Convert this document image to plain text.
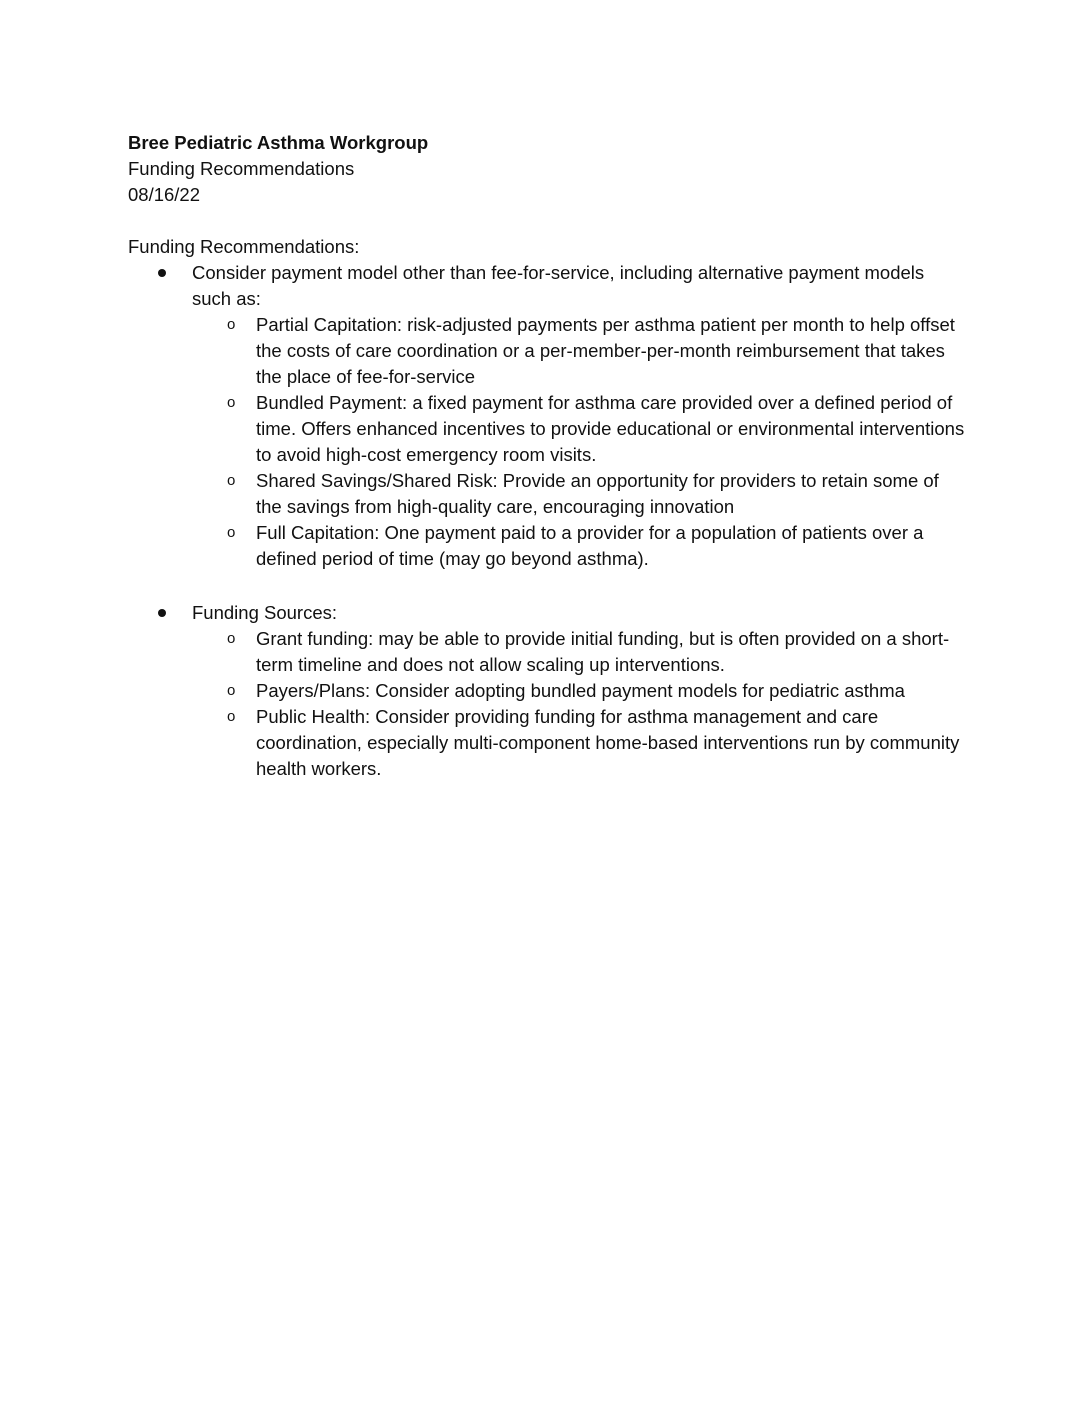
Bree Pediatric Asthma Workgroup
Funding Recommendations
08/16/22
Funding Recommendations:
Consider payment model other than fee-for-service, including alternative payment models such as:
o Partial Capitation: risk-adjusted payments per asthma patient per month to help offset the costs of care coordination or a per-member-per-month reimbursement that takes the place of fee-for-service
o Bundled Payment: a fixed payment for asthma care provided over a defined period of time. Offers enhanced incentives to provide educational or environmental interventions to avoid high-cost emergency room visits.
o Shared Savings/Shared Risk: Provide an opportunity for providers to retain some of the savings from high-quality care, encouraging innovation
o Full Capitation: One payment paid to a provider for a population of patients over a defined period of time (may go beyond asthma).
Funding Sources:
o Grant funding: may be able to provide initial funding, but is often provided on a short-term timeline and does not allow scaling up interventions.
o Payers/Plans: Consider adopting bundled payment models for pediatric asthma
o Public Health: Consider providing funding for asthma management and care coordination, especially multi-component home-based interventions run by community health workers.
